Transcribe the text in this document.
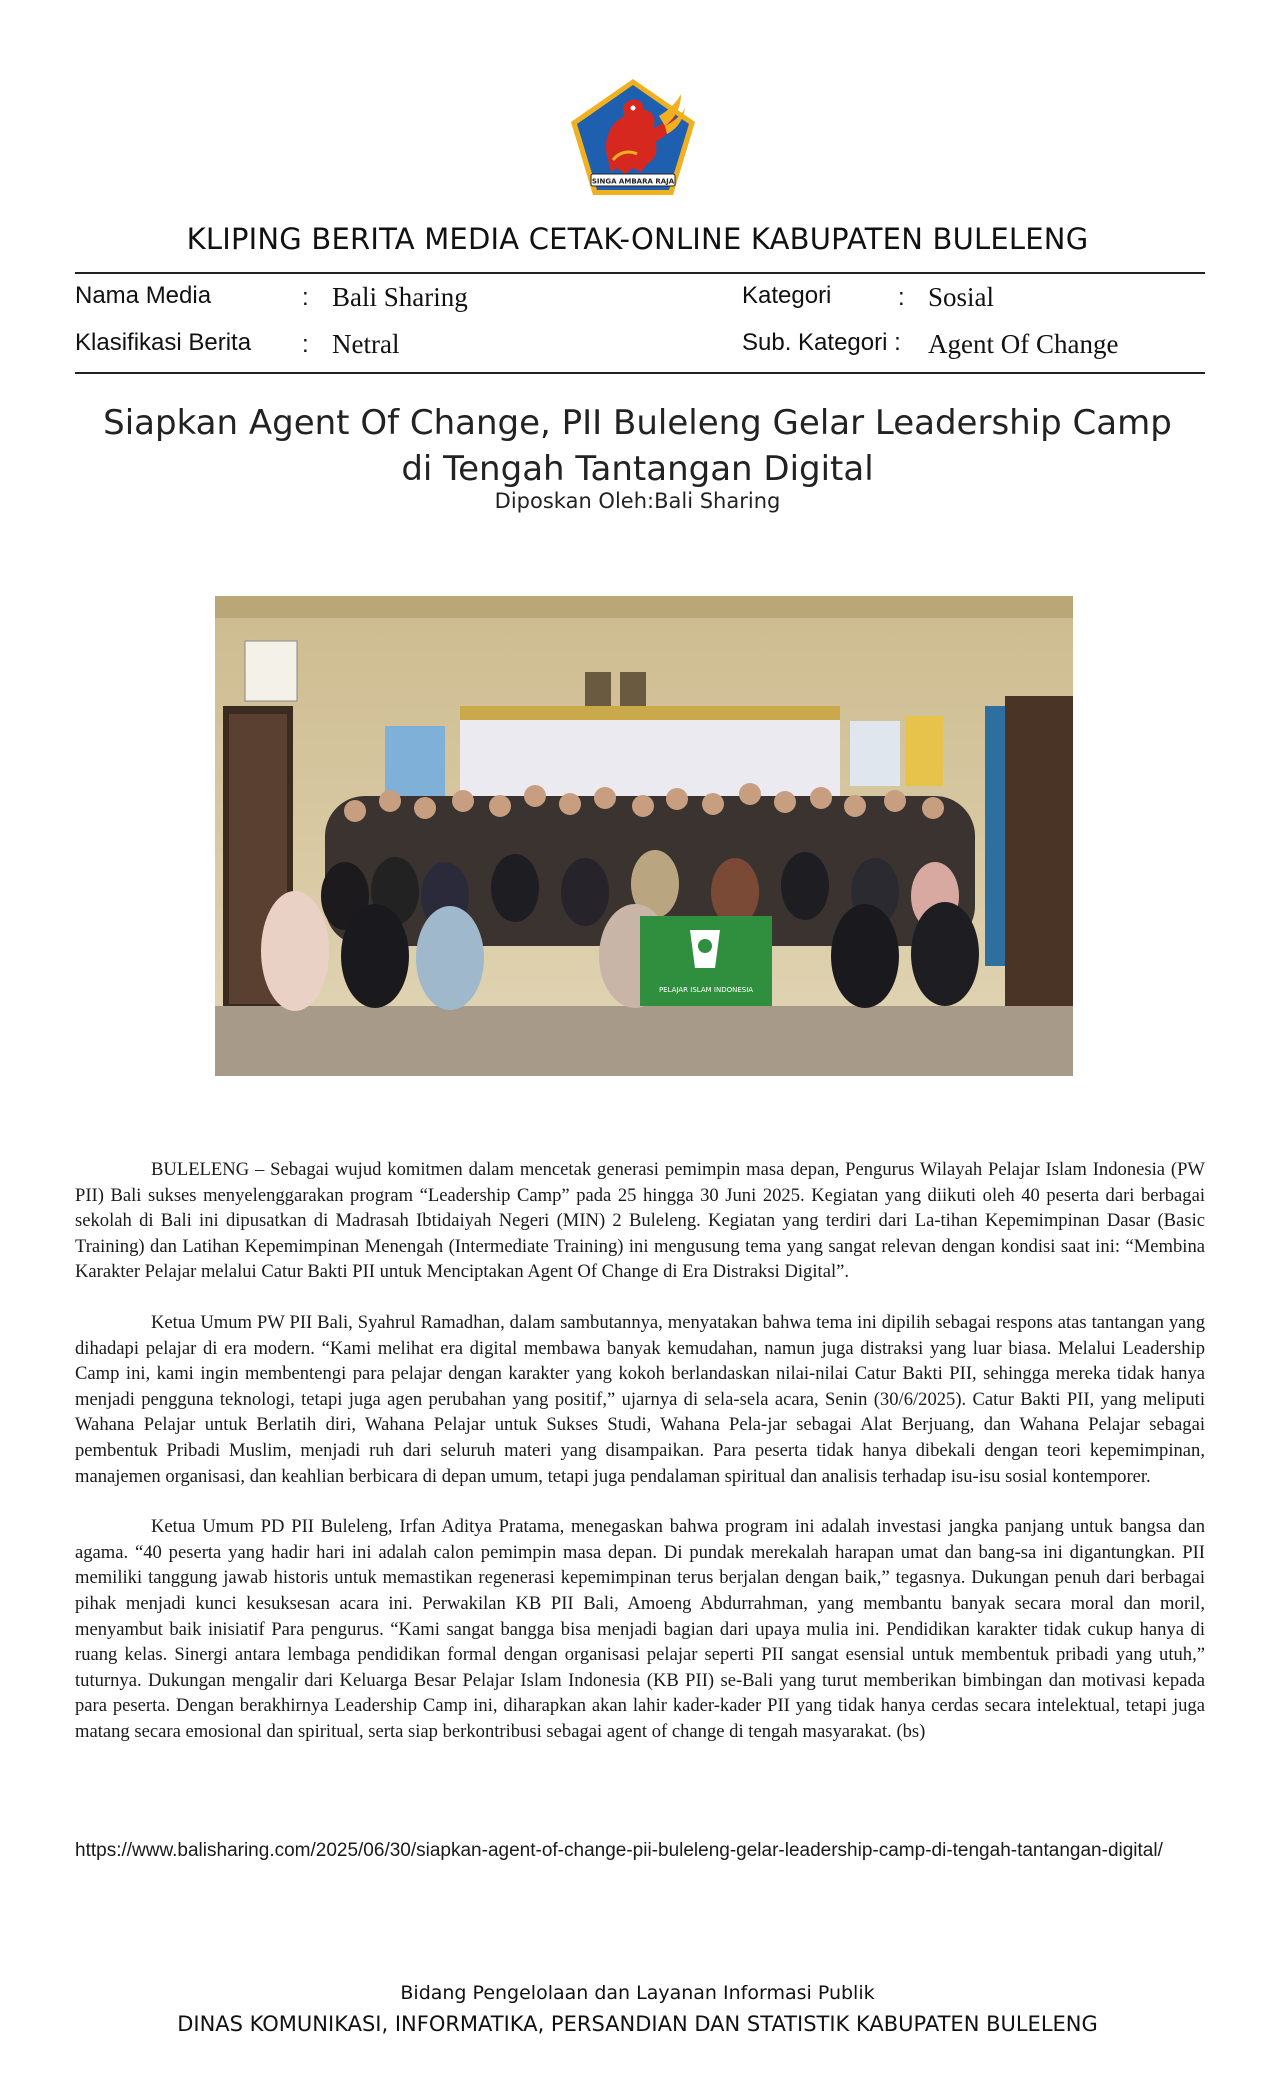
SINGA AMBARA RAJA
KLIPING BERITA MEDIA CETAK-ONLINE KABUPATEN BULELENG
Nama Media	: Bali Sharing	Kategori	: Sosial
Klasifikasi Berita : Netral	Sub. Kategori : Agent Of Change
Siapkan Agent Of Change, PII Buleleng Gelar Leadership Camp
di Tengah Tantangan Digital
Diposkan Oleh:Bali Sharing
PELAJAR ISLAM INDONESIA

BULELENG – Sebagai wujud komitmen dalam mencetak generasi pemimpin masa depan, Pengurus Wilayah Pelajar Islam Indonesia (PW PII) Bali sukses menyelenggarakan program “Leadership Camp” pada 25 hingga 30 Juni 2025. Kegiatan yang diikuti oleh 40 peserta dari berbagai sekolah di Bali ini dipusatkan di Madrasah Ibtidaiyah Negeri (MIN) 2 Buleleng. Kegiatan yang terdiri dari La-tihan Kepemimpinan Dasar (Basic Training) dan Latihan Kepemimpinan Menengah (Intermediate Training) ini mengusung tema yang sangat relevan dengan kondisi saat ini: “Membina Karakter Pelajar melalui Catur Bakti PII untuk Menciptakan Agent Of Change di Era Distraksi Digital”.

Ketua Umum PW PII Bali, Syahrul Ramadhan, dalam sambutannya, menyatakan bahwa tema ini dipilih sebagai respons atas tantangan yang dihadapi pelajar di era modern. “Kami melihat era digital membawa banyak kemudahan, namun juga distraksi yang luar biasa. Melalui Leadership Camp ini, kami ingin membentengi para pelajar dengan karakter yang kokoh berlandaskan nilai-nilai Catur Bakti PII, sehingga mereka tidak hanya menjadi pengguna teknologi, tetapi juga agen perubahan yang positif,” ujarnya di sela-sela acara, Senin (30/6/2025). Catur Bakti PII, yang meliputi Wahana Pelajar untuk Berlatih diri, Wahana Pelajar untuk Sukses Studi, Wahana Pela-jar sebagai Alat Berjuang, dan Wahana Pelajar sebagai pembentuk Pribadi Muslim, menjadi ruh dari seluruh materi yang disampaikan. Para peserta tidak hanya dibekali dengan teori kepemimpinan, manajemen organisasi, dan keahlian berbicara di depan umum, tetapi juga pendalaman spiritual dan analisis terhadap isu-isu sosial kontemporer.

Ketua Umum PD PII Buleleng, Irfan Aditya Pratama, menegaskan bahwa program ini adalah investasi jangka panjang untuk bangsa dan agama. “40 peserta yang hadir hari ini adalah calon pemimpin masa depan. Di pundak merekalah harapan umat dan bang-sa ini digantungkan. PII memiliki tanggung jawab historis untuk memastikan regenerasi kepemimpinan terus berjalan dengan baik,” tegasnya. Dukungan penuh dari berbagai pihak menjadi kunci kesuksesan acara ini. Perwakilan KB PII Bali, Amoeng Abdurrahman, yang membantu banyak secara moral dan moril, menyambut baik inisiatif Para pengurus. “Kami sangat bangga bisa menjadi bagian dari upaya mulia ini. Pendidikan karakter tidak cukup hanya di ruang kelas. Sinergi antara lembaga pendidikan formal dengan organisasi pelajar seperti PII sangat esensial untuk membentuk pribadi yang utuh,” tuturnya. Dukungan mengalir dari Keluarga Besar Pelajar Islam Indonesia (KB PII) se-Bali yang turut memberikan bimbingan dan motivasi kepada para peserta. Dengan berakhirnya Leadership Camp ini, diharapkan akan lahir kader-kader PII yang tidak hanya cerdas secara intelektual, tetapi juga matang secara emosional dan spiritual, serta siap berkontribusi sebagai agent of change di tengah masyarakat. (bs)

https://www.balisharing.com/2025/06/30/siapkan-agent-of-change-pii-buleleng-gelar-leadership-camp-di-tengah-tantangan-digital/
Bidang Pengelolaan dan Layanan Informasi Publik
DINAS KOMUNIKASI, INFORMATIKA, PERSANDIAN DAN STATISTIK KABUPATEN BULELENG
